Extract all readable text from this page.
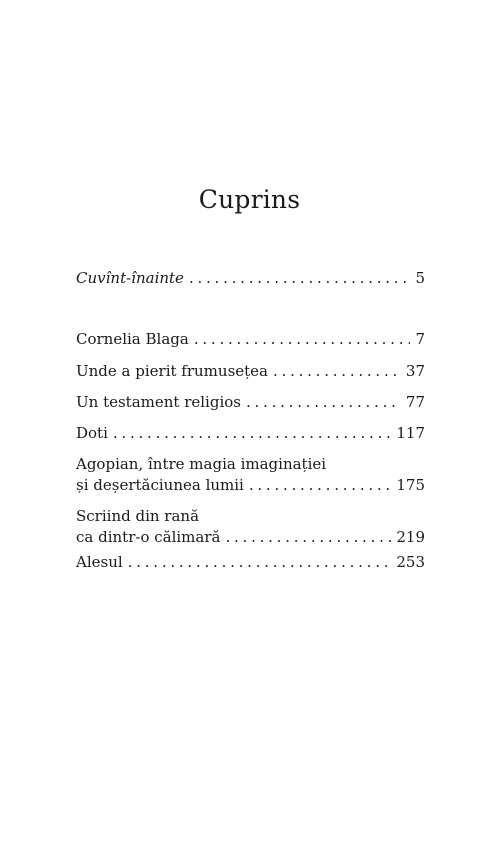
Cuprins
Cuvînt-înainte . . .	5
Cornelia Blaga . . .	7
Unde a pierit frumusețea . . .	37
Un testament religios . . .	77
Doti . . .	117
Agopian, între magia imaginației
și deșertăciunea lumii . . .	175
Scriind din rană
ca dintr-o călimară . . .	219
Alesul . . .	253
